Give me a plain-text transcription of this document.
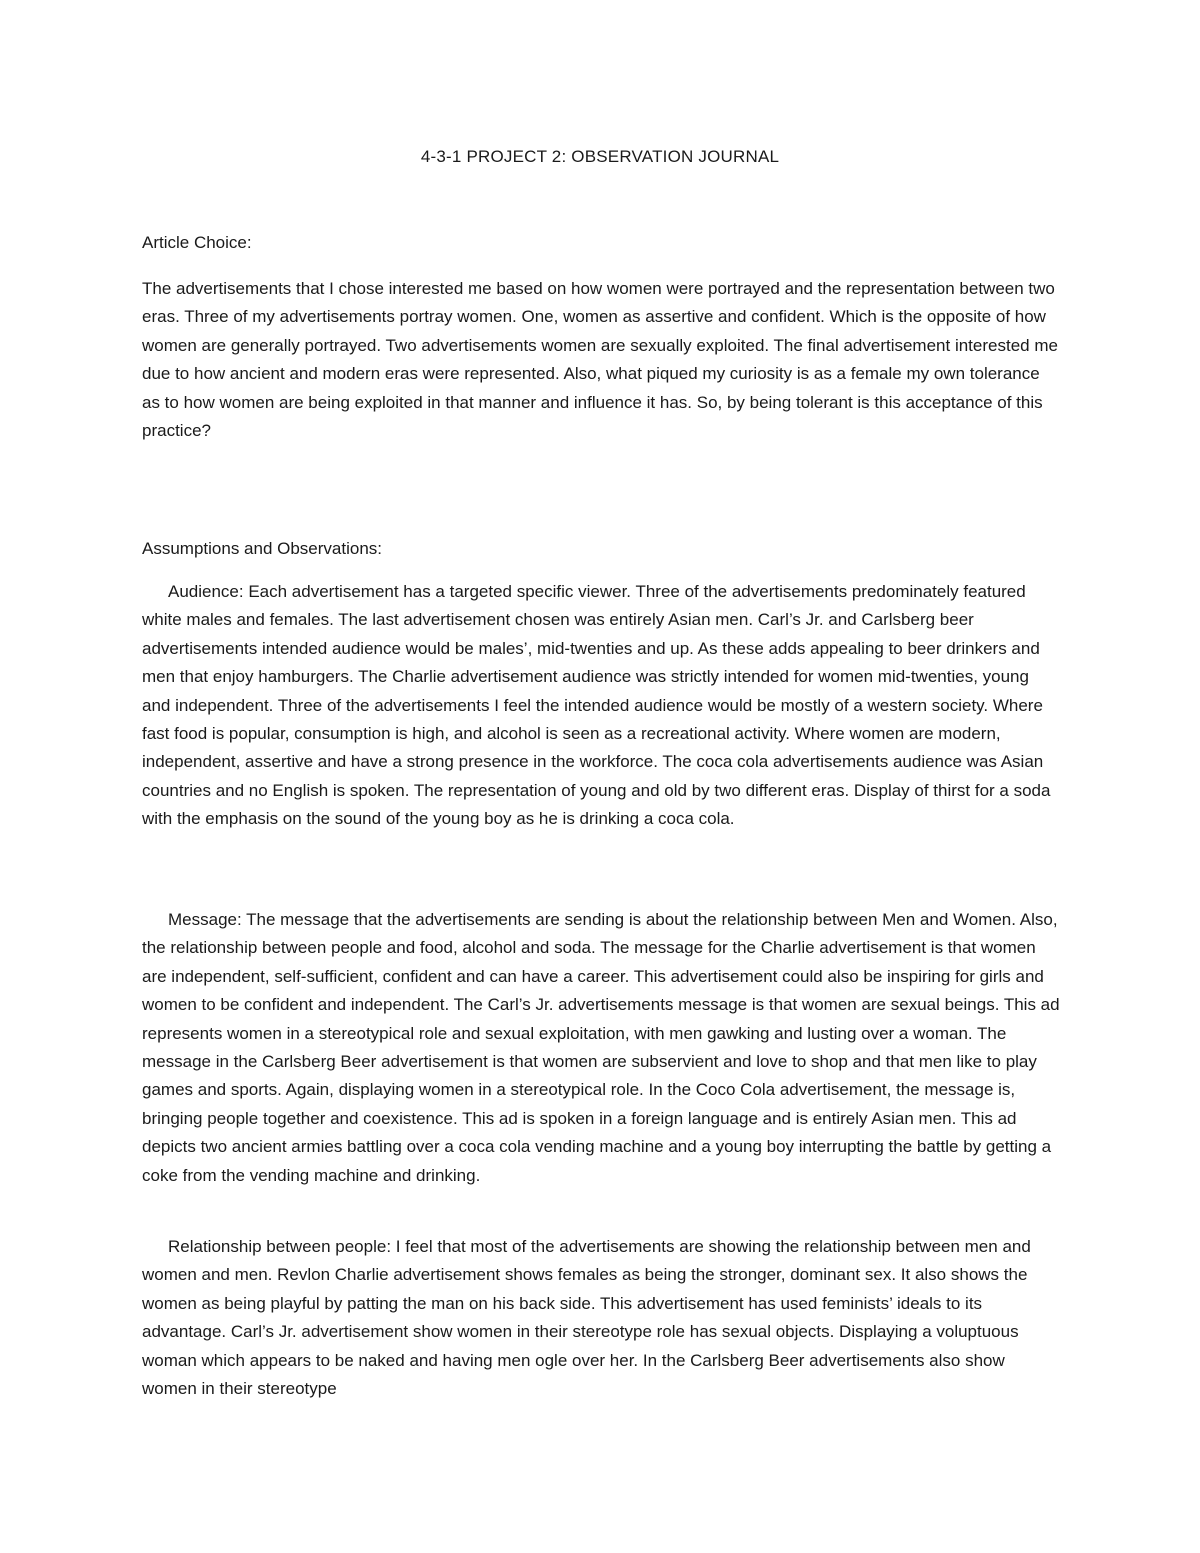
4-3-1 PROJECT 2: OBSERVATION JOURNAL
Article Choice:

The advertisements that I chose interested me based on how women were portrayed and the representation between two eras. Three of my advertisements portray women. One, women as assertive and confident. Which is the opposite of how women are generally portrayed. Two advertisements women are sexually exploited. The final advertisement interested me due to how ancient and modern eras were represented. Also, what piqued my curiosity is as a female my own tolerance as to how women are being exploited in that manner and influence it has. So, by being tolerant is this acceptance of this practice?

Assumptions and Observations:

Audience: Each advertisement has a targeted specific viewer. Three of the advertisements predominately featured white males and females. The last advertisement chosen was entirely Asian men. Carl’s Jr. and Carlsberg beer advertisements intended audience would be males’, mid-twenties and up. As these adds appealing to beer drinkers and men that enjoy hamburgers. The Charlie advertisement audience was strictly intended for women mid-twenties, young and independent. Three of the advertisements I feel the intended audience would be mostly of a western society. Where fast food is popular, consumption is high, and alcohol is seen as a recreational activity. Where women are modern, independent, assertive and have a strong presence in the workforce. The coca cola advertisements audience was Asian countries and no English is spoken. The representation of young and old by two different eras. Display of thirst for a soda with the emphasis on the sound of the young boy as he is drinking a coca cola.

Message: The message that the advertisements are sending is about the relationship between Men and Women. Also, the relationship between people and food, alcohol and soda. The message for the Charlie advertisement is that women are independent, self-sufficient, confident and can have a career. This advertisement could also be inspiring for girls and women to be confident and independent. The Carl’s Jr. advertisements message is that women are sexual beings. This ad represents women in a stereotypical role and sexual exploitation, with men gawking and lusting over a woman. The message in the Carlsberg Beer advertisement is that women are subservient and love to shop and that men like to play games and sports. Again, displaying women in a stereotypical role. In the Coco Cola advertisement, the message is, bringing people together and coexistence. This ad is spoken in a foreign language and is entirely Asian men. This ad depicts two ancient armies battling over a coca cola vending machine and a young boy interrupting the battle by getting a coke from the vending machine and drinking.

Relationship between people: I feel that most of the advertisements are showing the relationship between men and women and men. Revlon Charlie advertisement shows females as being the stronger, dominant sex. It also shows the women as being playful by patting the man on his back side. This advertisement has used feminists’ ideals to its advantage. Carl’s Jr. advertisement show women in their stereotype role has sexual objects. Displaying a voluptuous woman which appears to be naked and having men ogle over her. In the Carlsberg Beer advertisements also show women in their stereotype
